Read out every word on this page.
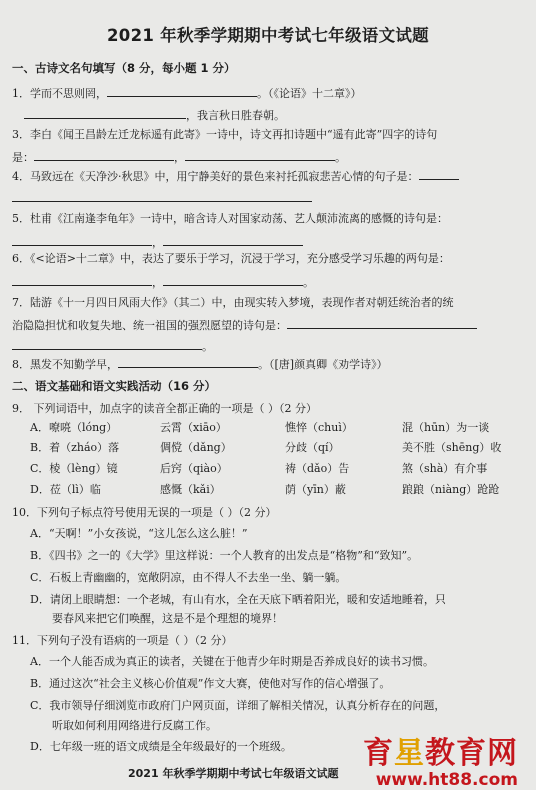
2021 年秋季学期期中考试七年级语文试题
一、古诗文名句填写（8 分，每小题 1 分）
1．学而不思则罔，	。（《论语》十二章》）
，我言秋日胜春朝。
3．李白《闻王昌龄左迁龙标遥有此寄》一诗中，诗文再扣诗题中“遥有此寄”四字的诗句
是：	，	。
4．马致远在《天净沙·秋思》中，用宁静美好的景色来衬托孤寂悲苦心情的句子是：
5．杜甫《江南逢李龟年》一诗中，暗含诗人对国家动荡、艺人颠沛流离的感慨的诗句是：
，
6．《<论语>十二章》中，表达了要乐于学习，沉浸于学习，充分感受学习乐趣的两句是：
，	。
7．陆游《十一月四日风雨大作》（其二）中，由现实转入梦境，表现作者对朝廷统治者的统
治隐隐担忧和收复失地、统一祖国的强烈愿望的诗句是：
。
8．黑发不知勤学早，	。（[唐]颜真卿《劝学诗》）
二、语文基础和语文实践活动（16 分）
9． 下列词语中，加点字的读音全都正确的一项是（ ）（2 分）
A．嘹喨（lóng）	云霄（xiāo）	憔悴（chuì）	混（hūn）为一谈
B．着（zháo）落	倜傥（dǎng）	分歧（qí）	美不胜（shēng）收
C．棱（lèng）镜	后窍（qiào）	祷（dǎo）告	煞（shà）有介事
D．莅（lì）临	感慨（kǎi）	荫（yīn）蔽	踉踉（niàng）跄跄
10．下列句子标点符号使用无误的一项是（ ）（2 分）
A．“天啊！”小女孩说，“这儿怎么这么脏！”
B．《四书》之一的《大学》里这样说：一个人教育的出发点是“格物”和“致知”。
C．石板上青幽幽的，宽敞阴凉，由不得人不去坐一坐、躺一躺。
D．请闭上眼睛想：一个老城，有山有水，全在天底下晒着阳光，暖和安适地睡着，只
要春风来把它们唤醒，这是不是个理想的境界！
11．下列句子没有语病的一项是（ ）（2 分）
A．一个人能否成为真正的读者，关键在于他青少年时期是否养成良好的读书习惯。
B．通过这次“社会主义核心价值观”作文大赛，使他对写作的信心增强了。
C．我市领导仔细浏览市政府门户网页面，详细了解相关情况，认真分析存在的问题，
听取如何利用网络进行反腐工作。
D．七年级一班的语文成绩是全年级最好的一个班级。
2021 年秋季学期期中考试七年级语文试题
育星教育网
www.ht88.com
